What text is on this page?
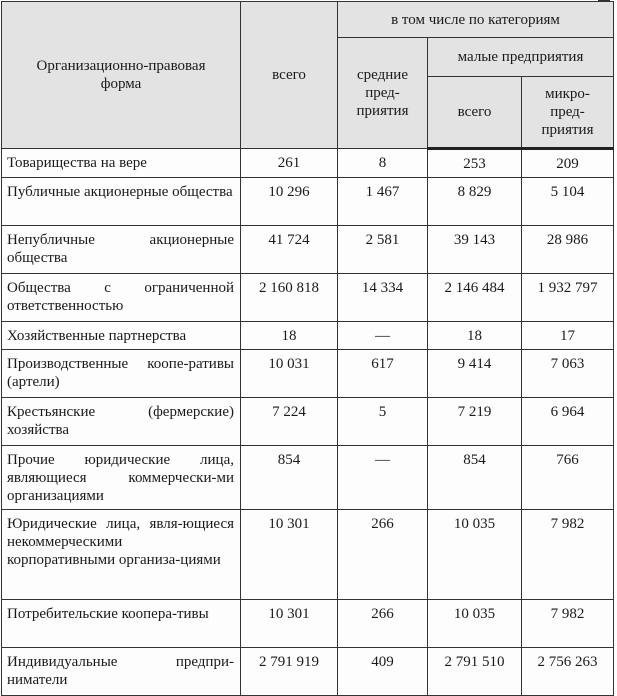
Организационно-правовая форма	всего	в том числе по категориям		
		средние пред-приятия	малые предприятия	
			всего	микро-пред-приятия
Товарищества на вере	261	8	253	209
Публичные акционерные общества	10 296	1 467	8 829	5 104
Непубличные акционерные общества	41 724	2 581	39 143	28 986
Общества с ограниченной ответственностью	2 160 818	14 334	2 146 484	1 932 797
Хозяйственные партнерства	18	—	18	17
Производственные коопе-ративы (артели)	10 031	617	9 414	7 063
Крестьянские (фермерские) хозяйства	7 224	5	7 219	6 964
Прочие юридические лица, являющиеся коммерчески-ми организациями	854	—	854	766
Юридические лица, явля-ющиеся некоммерческими корпоративными организа-циями	10 301	266	10 035	7 982
Потребительские коопера-тивы	10 301	266	10 035	7 982
Индивидуальные предпри-ниматели	2 791 919	409	2 791 510	2 756 263
